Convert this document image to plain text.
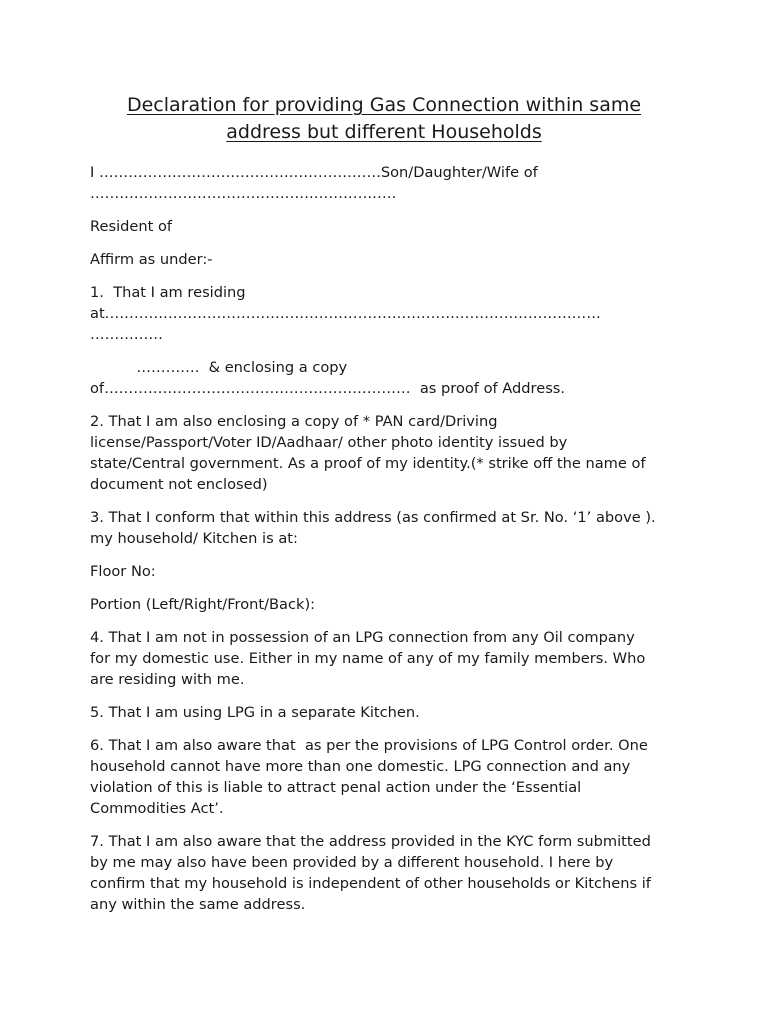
Declaration for providing Gas Connection within same
address but different Households

I ………………………………………………….Son/Daughter/Wife of
………………………………………………………

Resident of

Affirm as under:-

1.  That I am residing
at…………………………………………………………………………………………
……………

………….  & enclosing a copy
of………………………………………………………  as proof of Address.

2. That I am also enclosing a copy of * PAN card/Driving
license/Passport/Voter ID/Aadhaar/ other photo identity issued by
state/Central government. As a proof of my identity.(* strike off the name of
document not enclosed)

3. That I conform that within this address (as confirmed at Sr. No. ‘1’ above ).
my household/ Kitchen is at:

Floor No:

Portion (Left/Right/Front/Back):

4. That I am not in possession of an LPG connection from any Oil company
for my domestic use. Either in my name of any of my family members. Who
are residing with me.

5. That I am using LPG in a separate Kitchen.

6. That I am also aware that  as per the provisions of LPG Control order. One
household cannot have more than one domestic. LPG connection and any
violation of this is liable to attract penal action under the ‘Essential
Commodities Act’.

7. That I am also aware that the address provided in the KYC form submitted
by me may also have been provided by a different household. I here by
confirm that my household is independent of other households or Kitchens if
any within the same address.
